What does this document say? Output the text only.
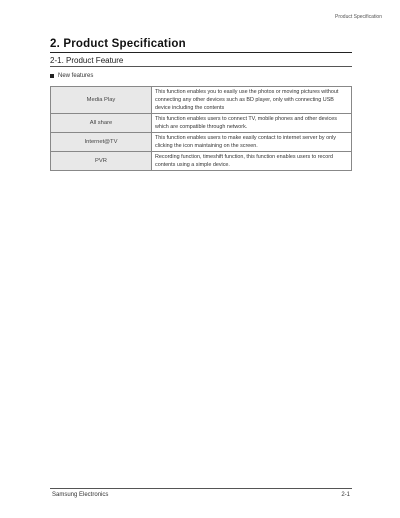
Product Specification
2. Product Specification
2-1. Product Feature
New features
Media Play	This function enables you to easily use the photos or moving pictures without connecting any other devices such as BD player, only with connecting USB device including the contents
All share	This function enables users to connect TV, mobile phones and other devices which are compatible through network.
Internet@TV	This function enables users to make easily contact to internet server by only clicking the icon maintaining on the screen.
PVR	Recording function, timeshift function, this function enables users to record contents using a simple device.
Samsung Electronics	2-1
